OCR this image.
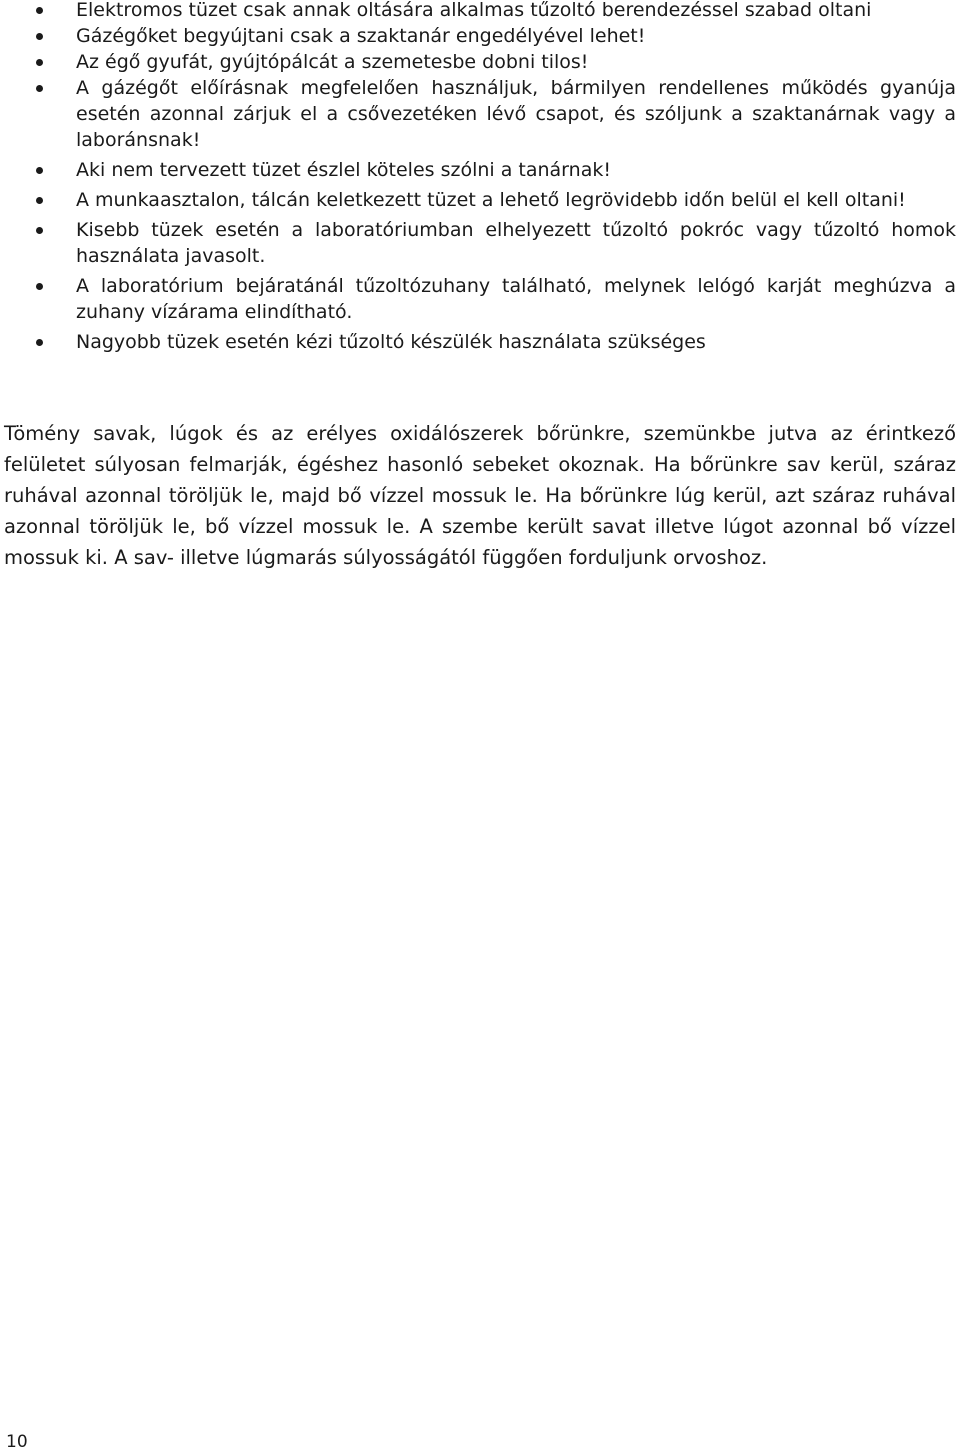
Elektromos tüzet csak annak oltására alkalmas tűzoltó berendezéssel szabad oltani
Gázégőket begyújtani csak a szaktanár engedélyével lehet!
Az égő gyufát, gyújtópálcát a szemetesbe dobni tilos!
A gázégőt előírásnak megfelelően használjuk, bármilyen rendellenes működés gyanúja esetén azonnal zárjuk el a csővezetéken lévő csapot, és szóljunk a szaktanárnak vagy a laboránsnak!
Aki nem tervezett tüzet észlel köteles szólni a tanárnak!
A munkaasztalon, tálcán keletkezett tüzet a lehető legrövidebb időn belül el kell oltani!
Kisebb tüzek esetén a laboratóriumban elhelyezett tűzoltó pokróc vagy tűzoltó homok használata javasolt.
A laboratórium bejáratánál tűzoltózuhany található, melynek lelógó karját meghúzva a zuhany vízárama elindítható.
Nagyobb tüzek esetén kézi tűzoltó készülék használata szükséges

Tömény savak, lúgok és az erélyes oxidálószerek bőrünkre, szemünkbe jutva az érintkező felületet súlyosan felmarják, égéshez hasonló sebeket okoznak. Ha bőrünkre sav kerül, száraz ruhával azonnal töröljük le, majd bő vízzel mossuk le. Ha bőrünkre lúg kerül, azt száraz ruhával azonnal töröljük le, bő vízzel mossuk le. A szembe került savat illetve lúgot azonnal bő vízzel mossuk ki. A sav- illetve lúgmarás súlyosságától függően forduljunk orvoshoz.

10
